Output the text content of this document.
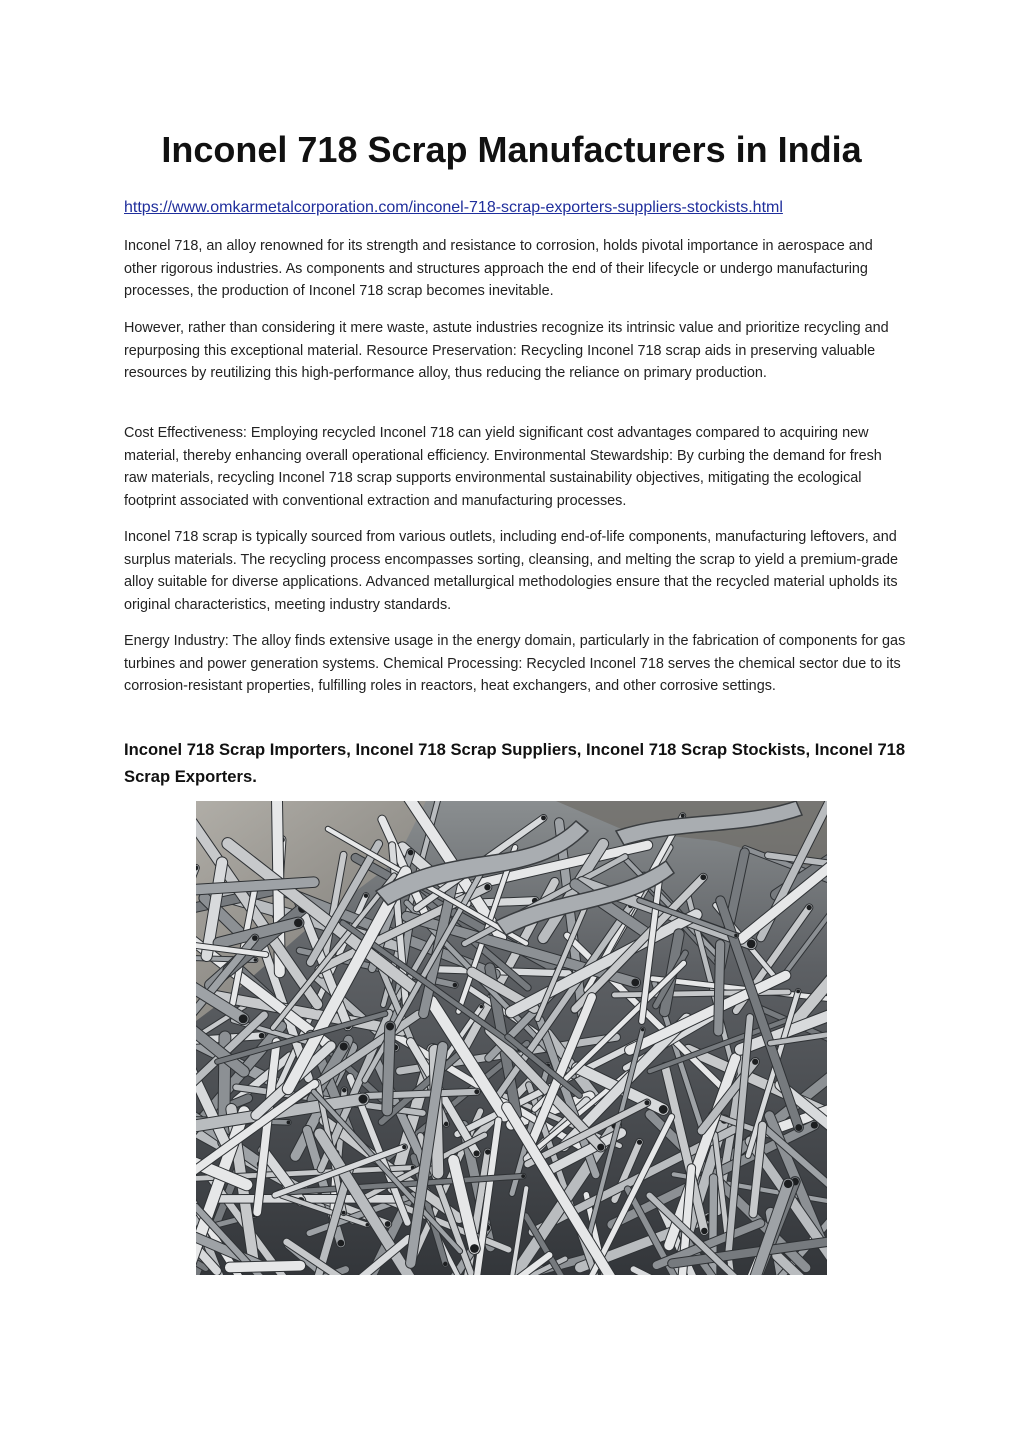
Inconel 718 Scrap Manufacturers in India
https://www.omkarmetalcorporation.com/inconel-718-scrap-exporters-suppliers-stockists.html

Inconel 718, an alloy renowned for its strength and resistance to corrosion, holds pivotal importance in aerospace and other rigorous industries. As components and structures approach the end of their lifecycle or undergo manufacturing processes, the production of Inconel 718 scrap becomes inevitable.

However, rather than considering it mere waste, astute industries recognize its intrinsic value and prioritize recycling and repurposing this exceptional material. Resource Preservation: Recycling Inconel 718 scrap aids in preserving valuable resources by reutilizing this high-performance alloy, thus reducing the reliance on primary production.

Cost Effectiveness: Employing recycled Inconel 718 can yield significant cost advantages compared to acquiring new material, thereby enhancing overall operational efficiency. Environmental Stewardship: By curbing the demand for fresh raw materials, recycling Inconel 718 scrap supports environmental sustainability objectives, mitigating the ecological footprint associated with conventional extraction and manufacturing processes.

Inconel 718 scrap is typically sourced from various outlets, including end-of-life components, manufacturing leftovers, and surplus materials. The recycling process encompasses sorting, cleansing, and melting the scrap to yield a premium-grade alloy suitable for diverse applications. Advanced metallurgical methodologies ensure that the recycled material upholds its original characteristics, meeting industry standards.

Energy Industry: The alloy finds extensive usage in the energy domain, particularly in the fabrication of components for gas turbines and power generation systems. Chemical Processing: Recycled Inconel 718 serves the chemical sector due to its corrosion-resistant properties, fulfilling roles in reactors, heat exchangers, and other corrosive settings.

Inconel 718 Scrap Importers, Inconel 718 Scrap Suppliers, Inconel 718 Scrap Stockists, Inconel 718 Scrap Exporters.
